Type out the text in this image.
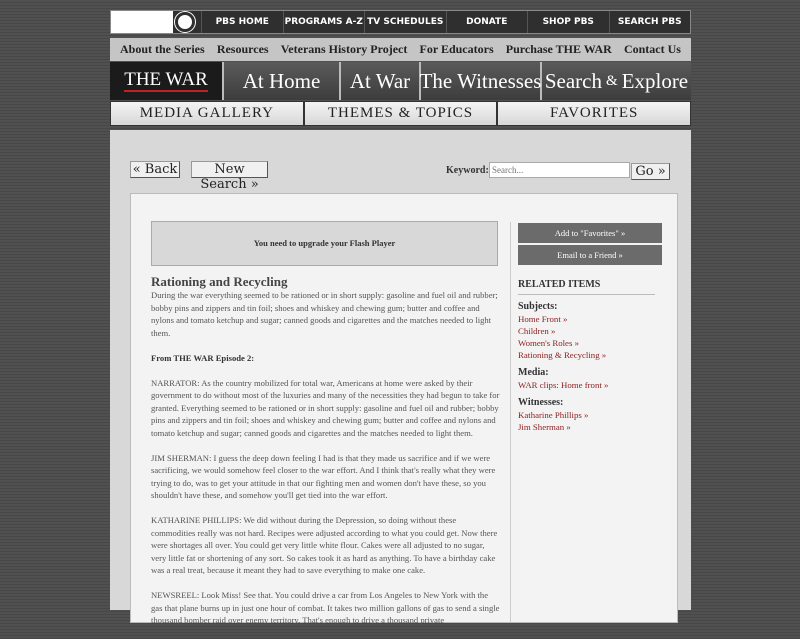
PBS HOME	PROGRAMS A-Z TV SCHEDULES	DONATE	SHOP PBS	SEARCH PBS
About the Series Resources Veterans History Project For Educators Purchase THE WAR Contact Us
THE WAR	At Home	At War The Witnesses Search & Explore
MEDIA GALLERY	THEMES & TOPICS	FAVORITES
« Back	New Search »
Keyword:
Search...	Go »
You need to upgrade your Flash Player
Rationing and Recycling

During the war everything seemed to be rationed or in short supply: gasoline and fuel oil and rubber; bobby pins and zippers and tin foil; shoes and whiskey and chewing gum; butter and coffee and nylons and tomato ketchup and sugar; canned goods and cigarettes and the matches needed to light them.

From THE WAR Episode 2:

NARRATOR: As the country mobilized for total war, Americans at home were asked by their government to do without most of the luxuries and many of the necessities they had begun to take for granted. Everything seemed to be rationed or in short supply: gasoline and fuel oil and rubber; bobby pins and zippers and tin foil; shoes and whiskey and chewing gum; butter and coffee and nylons and tomato ketchup and sugar; canned goods and cigarettes and the matches needed to light them.

JIM SHERMAN: I guess the deep down feeling I had is that they made us sacrifice and if we were sacrificing, we would somehow feel closer to the war effort. And I think that's really what they were trying to do, was to get your attitude in that our fighting men and women don't have these, so you shouldn't have these, and somehow you'll get tied into the war effort.

KATHARINE PHILLIPS: We did without during the Depression, so doing without these commodities really was not hard. Recipes were adjusted according to what you could get. Now there were shortages all over. You could get very little white flour. Cakes were all adjusted to no sugar, very little fat or shortening of any sort. So cakes took it as hard as anything. To have a birthday cake was a real treat, because it meant they had to save everything to make one cake.

NEWSREEL: Look Miss! See that. You could drive a car from Los Angeles to New York with the gas that plane burns up in just one hour of combat. It takes two million gallons of gas to send a single thousand bomber raid over enemy territory. That's enough to drive a thousand private

Add to "Favorites" »
Email to a Friend »
RELATED ITEMS
Subjects:
Home Front »
Children »
Women's Roles »
Rationing & Recycling »
Media:
WAR clips: Home front »
Witnesses:
Katharine Phillips »
Jim Sherman »
